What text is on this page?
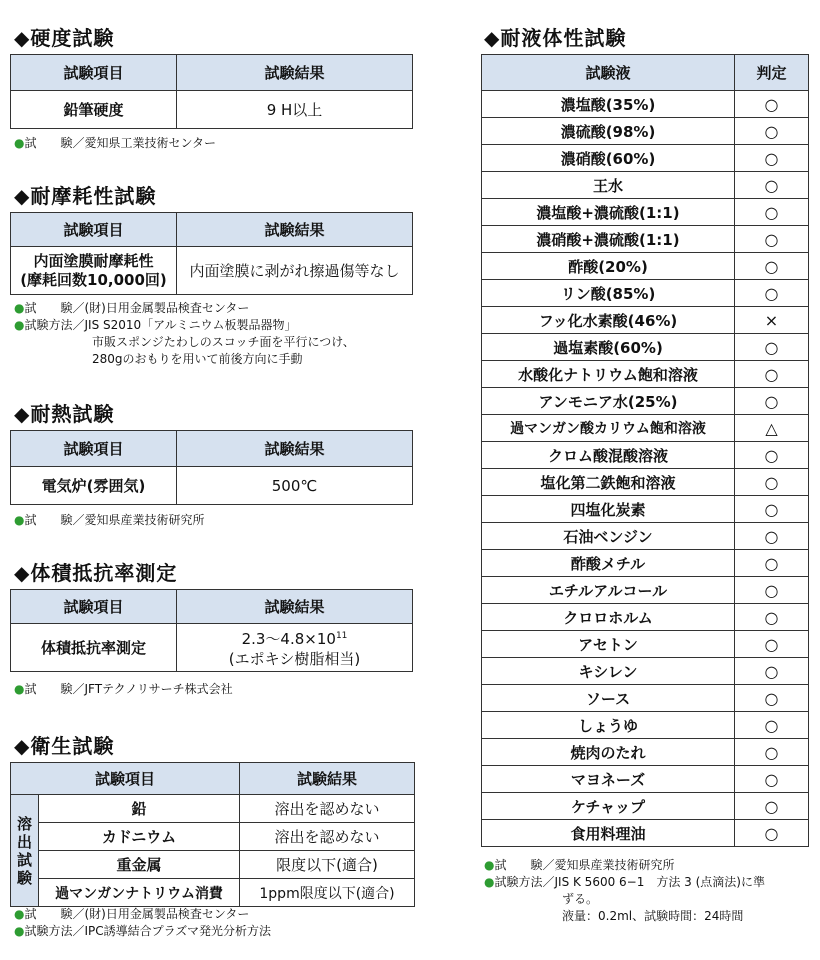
◆硬度試験
試験項目	試験結果
鉛筆硬度	9 H以上
●試　　験／愛知県工業技術センター
◆耐摩耗性試験
試験項目	試験結果

内面塗膜耐摩耗性
(摩耗回数10,000回)	内面塗膜に剥がれ擦過傷等なし
●試　　験／(財)日用金属製品検査センター
●試験方法／JIS S2010「アルミニウム板製品器物」
市販スポンジたわしのスコッチ面を平行につけ、
280gのおもりを用いて前後方向に手動
◆耐熱試験
試験項目	試験結果
電気炉(雰囲気)	500℃
●試　　験／愛知県産業技術研究所
◆体積抵抗率測定
試験項目	試験結果
体積抵抗率測定	2.3〜$4.8\times 10^{11}$
(エポキシ樹脂相当)
●試　　験／JFTテクノリサーチ株式会社
◆衛生試験
試験項目		試験結果

溶
出
試
験	鉛	溶出を認めない
	カドニウム	溶出を認めない
	重金属	限度以下(適合)
	過マンガンナトリウム消費	1ppm限度以下(適合)
●試　　験／(財)日用金属製品検査センター
●試験方法／IPC誘導結合プラズマ発光分析方法
◆耐液体性試験
試験液	判定
濃塩酸(35%)	○
濃硫酸(98%)	○
濃硝酸(60%)	○
王水	○
濃塩酸+濃硫酸(1:1)	○
濃硝酸+濃硫酸(1:1)	○
酢酸(20%)	○
リン酸(85%)	○
フッ化水素酸(46%)	×
過塩素酸(60%)	○
水酸化ナトリウム飽和溶液	○
アンモニア水(25%)	○
過マンガン酸カリウム飽和溶液	△
クロム酸混酸溶液	○
塩化第二鉄飽和溶液	○
四塩化炭素	○
石油ベンジン	○
酢酸メチル	○
エチルアルコール	○
クロロホルム	○
アセトン	○
キシレン	○
ソース	○
しょうゆ	○
焼肉のたれ	○
マヨネーズ	○
ケチャップ	○
食用料理油	○
●試　　験／愛知県産業技術研究所
●試験方法／JIS K 5600 6−1　方法 3 (点滴法)に準
ずる。
液量：0.2ml、試験時間：24時間
